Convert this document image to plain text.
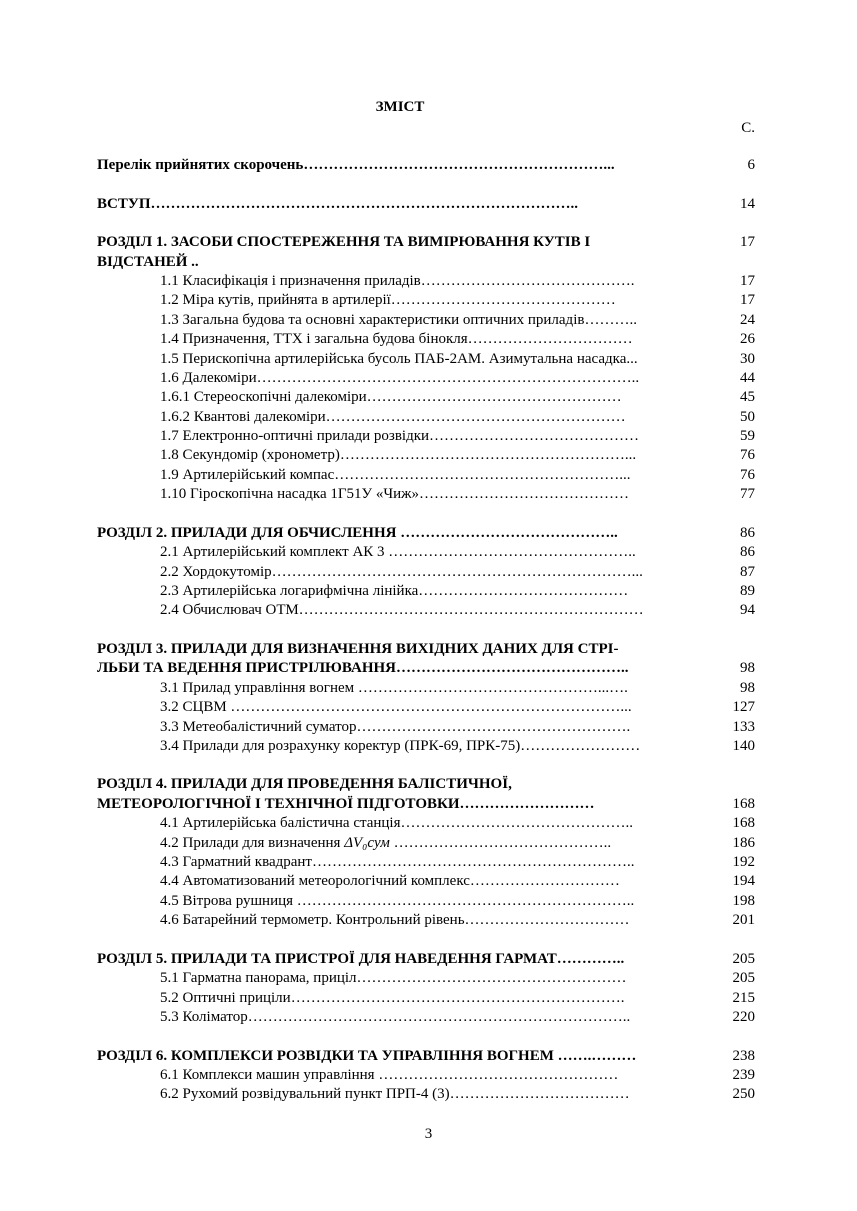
ЗМІСТ
С.
Перелік прийнятих скорочень……………………………………………………...	6
ВСТУП…………………………………………………………………………..	14
РОЗДІЛ 1. ЗАСОБИ СПОСТЕРЕЖЕННЯ ТА ВИМІРЮВАННЯ КУТІВ І	17
ВІДСТАНЕЙ ..
1.1 Класифікація і призначення приладів…………………………………….	17
1.2 Міра кутів, прийнята в артилерії………………………………………	17
1.3 Загальна будова та основні характеристики оптичних приладів………..	24
1.4 Призначення, ТТХ і загальна будова бінокля……………………………	26
1.5 Перископічна артилерійська бусоль ПАБ-2АМ. Азимутальна насадка...	30
1.6 Далекоміри…………………………………………………………………..	44
1.6.1 Стереоскопічні далекоміри……………………………………………	45
1.6.2 Квантові далекоміри……………………………………………………	50
1.7 Електронно-оптичні прилади розвідки……………………………………	59
1.8 Секундомір (хронометр)…………………………………………………...	76
1.9 Артилерійський компас…………………………………………………...	76
1.10 Гіроскопічна насадка 1Г51У «Чиж»……………………………………	77
РОЗДІЛ 2. ПРИЛАДИ ДЛЯ ОБЧИСЛЕННЯ ……………………………………..	86
2.1 Артилерійський комплект АК 3 …………………………………………..	86
2.2 Хордокутомір………………………………………………………………...	87
2.3 Артилерійська логарифмічна лінійка……………………………………	89
2.4 Обчислювач ОТМ……………………………………………………………	94
РОЗДІЛ 3. ПРИЛАДИ ДЛЯ ВИЗНАЧЕННЯ ВИХІДНИХ ДАНИХ ДЛЯ СТРІ-
ЛЬБИ ТА ВЕДЕННЯ ПРИСТРІЛЮВАННЯ………………………………………..	98
3.1 Прилад управління вогнем …………………………………………...….	98
3.2 СЦВМ ……………………………………………………………………...	127
3.3 Метеобалістичний суматор……………………………………………….	133
3.4 Прилади для розрахунку коректур (ПРК-69, ПРК-75)……………………	140
РОЗДІЛ 4. ПРИЛАДИ ДЛЯ ПРОВЕДЕННЯ БАЛІСТИЧНОЇ,
МЕТЕОРОЛОГІЧНОЇ І ТЕХНІЧНОЇ ПІДГОТОВКИ………………………	168
4.1 Артилерійська балістична станція………………………………………..	168
4.2 Прилади для визначення ΔV₀сум ……………………………………..	186
4.3 Гарматний квадрант………………………………………………………..	192
4.4 Автоматизований метеорологічний комплекс…………………………	194
4.5 Вітрова рушниця …………………………………………………………..	198
4.6 Батарейний термометр. Контрольний рівень……………………………	201
РОЗДІЛ 5. ПРИЛАДИ ТА ПРИСТРОЇ ДЛЯ НАВЕДЕННЯ ГАРМАТ…………..	205
5.1 Гарматна панорама, приціл………………………………………………	205
5.2 Оптичні приціли………………………………………………………….	215
5.3 Коліматор…………………………………………………………………..	220
РОЗДІЛ 6. КОМПЛЕКСИ РОЗВІДКИ ТА УПРАВЛІННЯ ВОГНЕМ …….………	238
6.1 Комплекси машин управління …………………………………………	239
6.2 Рухомий розвідувальний пункт ПРП-4 (3)………………………………	250
3
